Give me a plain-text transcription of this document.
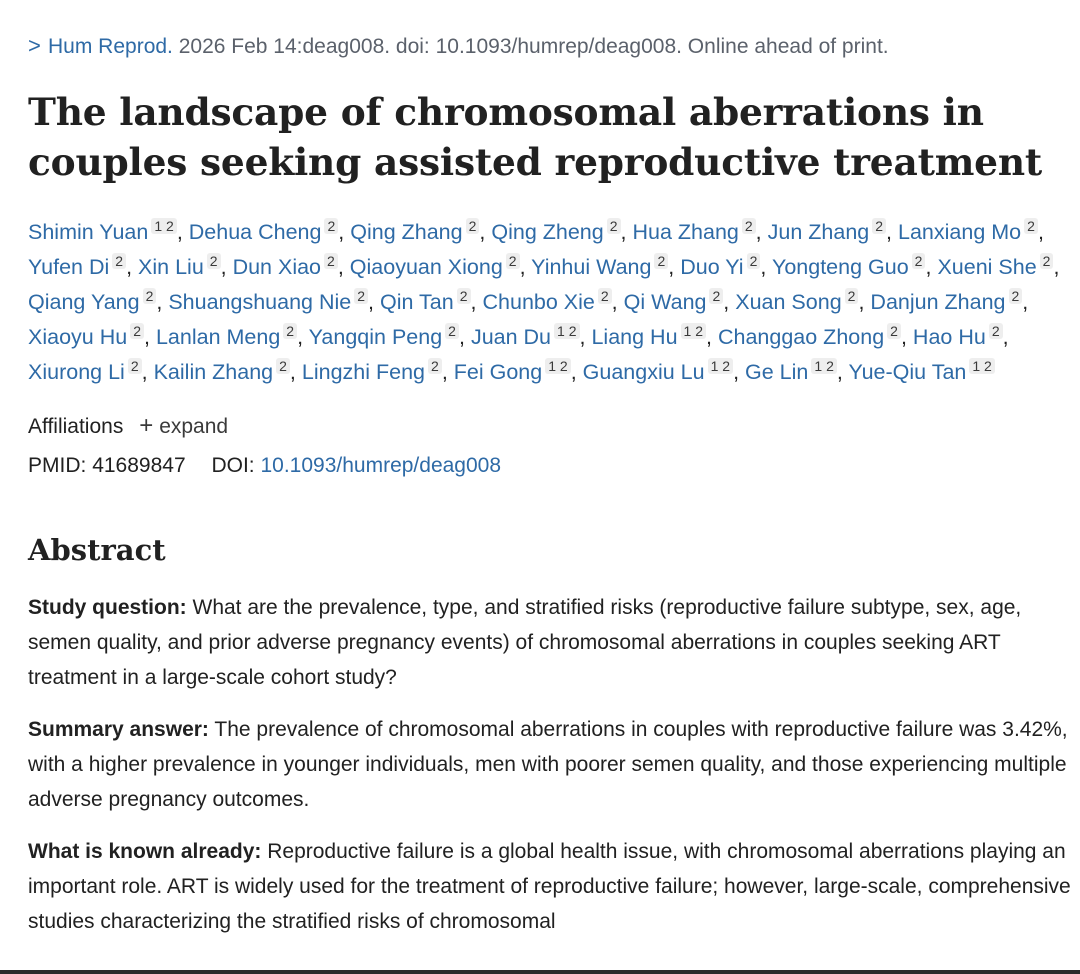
> Hum Reprod. 2026 Feb 14:deag008. doi: 10.1093/humrep/deag008. Online ahead of print.
The landscape of chromosomal aberrations in couples seeking assisted reproductive treatment
Shimin Yuan 1 2 , Dehua Cheng 2 , Qing Zhang 2 , Qing Zheng 2 , Hua Zhang 2 , Jun Zhang 2 , Lanxiang Mo 2 , Yufen Di 2 , Xin Liu 2 , Dun Xiao 2 , Qiaoyuan Xiong 2 , Yinhui Wang 2 , Duo Yi 2 , Yongteng Guo 2 , Xueni She 2 , Qiang Yang 2 , Shuangshuang Nie 2 , Qin Tan 2 , Chunbo Xie 2 , Qi Wang 2 , Xuan Song 2 , Danjun Zhang 2 , Xiaoyu Hu 2 , Lanlan Meng 2 , Yangqin Peng 2 , Juan Du 1 2 , Liang Hu 1 2 , Changgao Zhong 2 , Hao Hu 2 , Xiurong Li 2 , Kailin Zhang 2 , Lingzhi Feng 2 , Fei Gong 1 2 , Guangxiu Lu 1 2 , Ge Lin 1 2 , Yue-Qiu Tan 1 2
Affiliations + expand
PMID: 41689847 DOI: 10.1093/humrep/deag008
Abstract
Study question: What are the prevalence, type, and stratified risks (reproductive failure subtype, sex, age, semen quality, and prior adverse pregnancy events) of chromosomal aberrations in couples seeking ART treatment in a large-scale cohort study?
Summary answer: The prevalence of chromosomal aberrations in couples with reproductive failure was 3.42%, with a higher prevalence in younger individuals, men with poorer semen quality, and those experiencing multiple adverse pregnancy outcomes.
What is known already: Reproductive failure is a global health issue, with chromosomal aberrations playing an important role. ART is widely used for the treatment of reproductive failure; however, large-scale, comprehensive studies characterizing the stratified risks of chromosomal
